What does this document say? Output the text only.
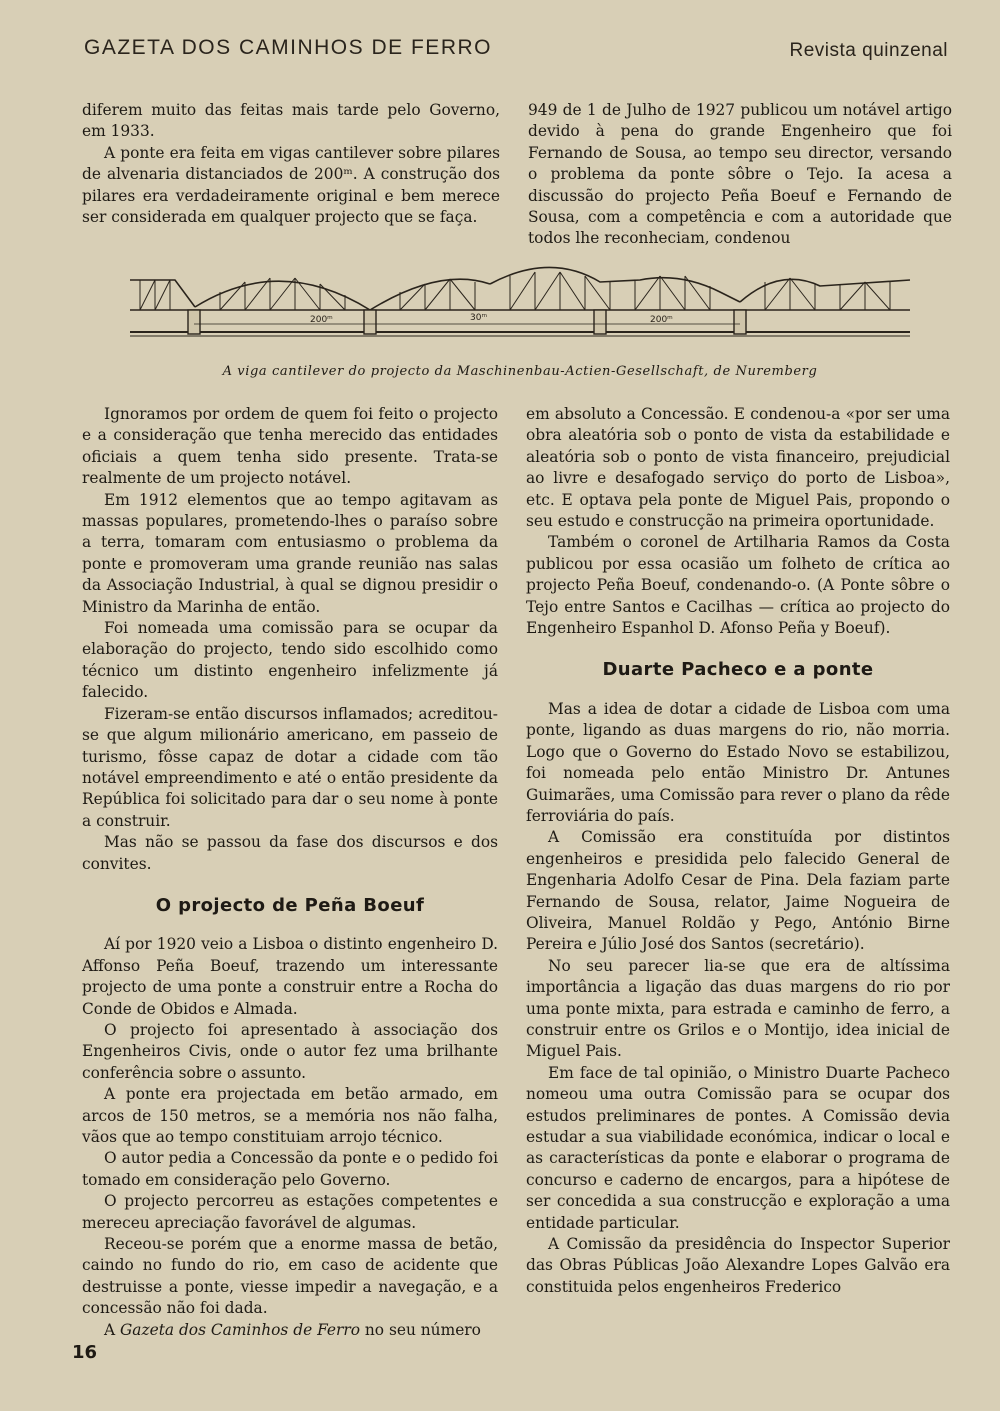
GAZETA DOS CAMINHOS DE FERRO	Revista quinzenal

diferem muito das feitas mais tarde pelo Governo, em 1933.

A ponte era feita em vigas cantilever sobre pilares de alvenaria distanciados de 200ᵐ. A construção dos pilares era verdadeiramente original e bem merece ser considerada em qualquer projecto que se faça.

949 de 1 de Julho de 1927 publicou um notável artigo devido à pena do grande Engenheiro que foi Fernando de Sousa, ao tempo seu director, versando o problema da ponte sôbre o Tejo. Ia acesa a discussão do projecto Peña Boeuf e Fernando de Sousa, com a competência e com a autoridade que todos lhe reconheciam, condenou

200ᵐ	30ᵐ	200ᵐ
A viga cantilever do projecto da Maschinenbau-Actien-Gesellschaft, de Nuremberg

Ignoramos por ordem de quem foi feito o projecto e a consideração que tenha merecido das entidades oficiais a quem tenha sido presente. Trata-se realmente de um projecto notável.

Em 1912 elementos que ao tempo agitavam as massas populares, prometendo-lhes o paraíso sobre a terra, tomaram com entusiasmo o problema da ponte e promoveram uma grande reunião nas salas da Associação Industrial, à qual se dignou presidir o Ministro da Marinha de então.

Foi nomeada uma comissão para se ocupar da elaboração do projecto, tendo sido escolhido como técnico um distinto engenheiro infelizmente já falecido.

Fizeram-se então discursos inflamados; acreditou-se que algum milionário americano, em passeio de turismo, fôsse capaz de dotar a cidade com tão notável empreendimento e até o então presidente da República foi solicitado para dar o seu nome à ponte a construir.

Mas não se passou da fase dos discursos e dos convites.

O projecto de Peña Boeuf

Aí por 1920 veio a Lisboa o distinto engenheiro D. Affonso Peña Boeuf, trazendo um interessante projecto de uma ponte a construir entre a Rocha do Conde de Obidos e Almada.

O projecto foi apresentado à associação dos Engenheiros Civis, onde o autor fez uma brilhante conferência sobre o assunto.

A ponte era projectada em betão armado, em arcos de 150 metros, se a memória nos não falha, vãos que ao tempo constituiam arrojo técnico.

O autor pedia a Concessão da ponte e o pedido foi tomado em consideração pelo Governo.

O projecto percorreu as estações competentes e mereceu apreciação favorável de algumas.

Receou-se porém que a enorme massa de betão, caindo no fundo do rio, em caso de acidente que destruisse a ponte, viesse impedir a navegação, e a concessão não foi dada.

A Gazeta dos Caminhos de Ferro no seu número

em absoluto a Concessão. E condenou-a «por ser uma obra aleatória sob o ponto de vista da estabilidade e aleatória sob o ponto de vista financeiro, prejudicial ao livre e desafogado serviço do porto de Lisboa», etc. E optava pela ponte de Miguel Pais, propondo o seu estudo e construcção na primeira oportunidade.

Também o coronel de Artilharia Ramos da Costa publicou por essa ocasião um folheto de crítica ao projecto Peña Boeuf, condenando-o. (A Ponte sôbre o Tejo entre Santos e Cacilhas — crítica ao projecto do Engenheiro Espanhol D. Afonso Peña y Boeuf).

Duarte Pacheco e a ponte

Mas a idea de dotar a cidade de Lisboa com uma ponte, ligando as duas margens do rio, não morria. Logo que o Governo do Estado Novo se estabilizou, foi nomeada pelo então Ministro Dr. Antunes Guimarães, uma Comissão para rever o plano da rêde ferroviária do país.

A Comissão era constituída por distintos engenheiros e presidida pelo falecido General de Engenharia Adolfo Cesar de Pina. Dela faziam parte Fernando de Sousa, relator, Jaime Nogueira de Oliveira, Manuel Roldão y Pego, António Birne Pereira e Júlio José dos Santos (secretário).

No seu parecer lia-se que era de altíssima importância a ligação das duas margens do rio por uma ponte mixta, para estrada e caminho de ferro, a construir entre os Grilos e o Montijo, idea inicial de Miguel Pais.

Em face de tal opinião, o Ministro Duarte Pacheco nomeou uma outra Comissão para se ocupar dos estudos preliminares de pontes. A Comissão devia estudar a sua viabilidade económica, indicar o local e as características da ponte e elaborar o programa de concurso e caderno de encargos, para a hipótese de ser concedida a sua construcção e exploração a uma entidade particular.

A Comissão da presidência do Inspector Superior das Obras Públicas João Alexandre Lopes Galvão era constituida pelos engenheiros Frederico

16
